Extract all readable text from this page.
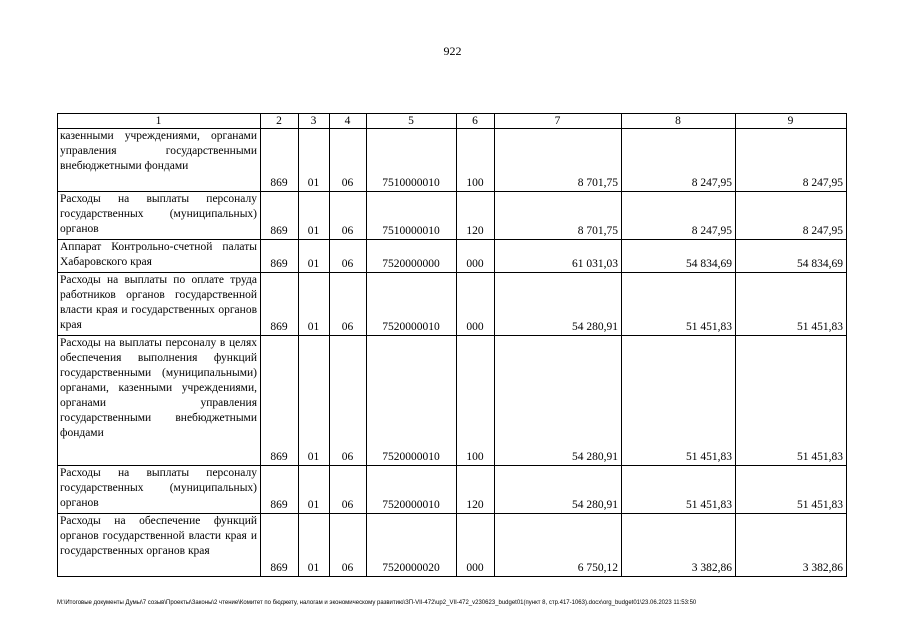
922
1	2	3	4	5	6	7	8	9
казенными учреждениями, органами управления государственными внебюджетными фондами	869	01	06	7510000010	100	8 701,75	8 247,95	8 247,95
Расходы на выплаты персоналу государственных (муниципальных) органов	869	01	06	7510000010	120	8 701,75	8 247,95	8 247,95
Аппарат Контрольно-счетной палаты Хабаровского края	869	01	06	7520000000	000	61 031,03	54 834,69	54 834,69
Расходы на выплаты по оплате труда работников органов государственной власти края и государственных органов края	869	01	06	7520000010	000	54 280,91	51 451,83	51 451,83
Расходы на выплаты персоналу в целях обеспечения выполнения функций государственными (муниципальными) органами, казенными учреждениями, органами управления государственными внебюджетными фондами	869	01	06	7520000010	100	54 280,91	51 451,83	51 451,83
Расходы на выплаты персоналу государственных (муниципальных) органов	869	01	06	7520000010	120	54 280,91	51 451,83	51 451,83
Расходы на обеспечение функций органов государственной власти края и государственных органов края	869	01	06	7520000020	000	6 750,12	3 382,86	3 382,86
M:\Итоговые документы Думы\7 созыв\Проекты\Законы\2 чтение\Комитет по бюджету, налогам и экономическому развитию\ЗП-VII-472\up2_VII-472_v230623_budget01(пункт 8, стр.417-1063).docx\org_budget01\23.06.2023 11:53:50
